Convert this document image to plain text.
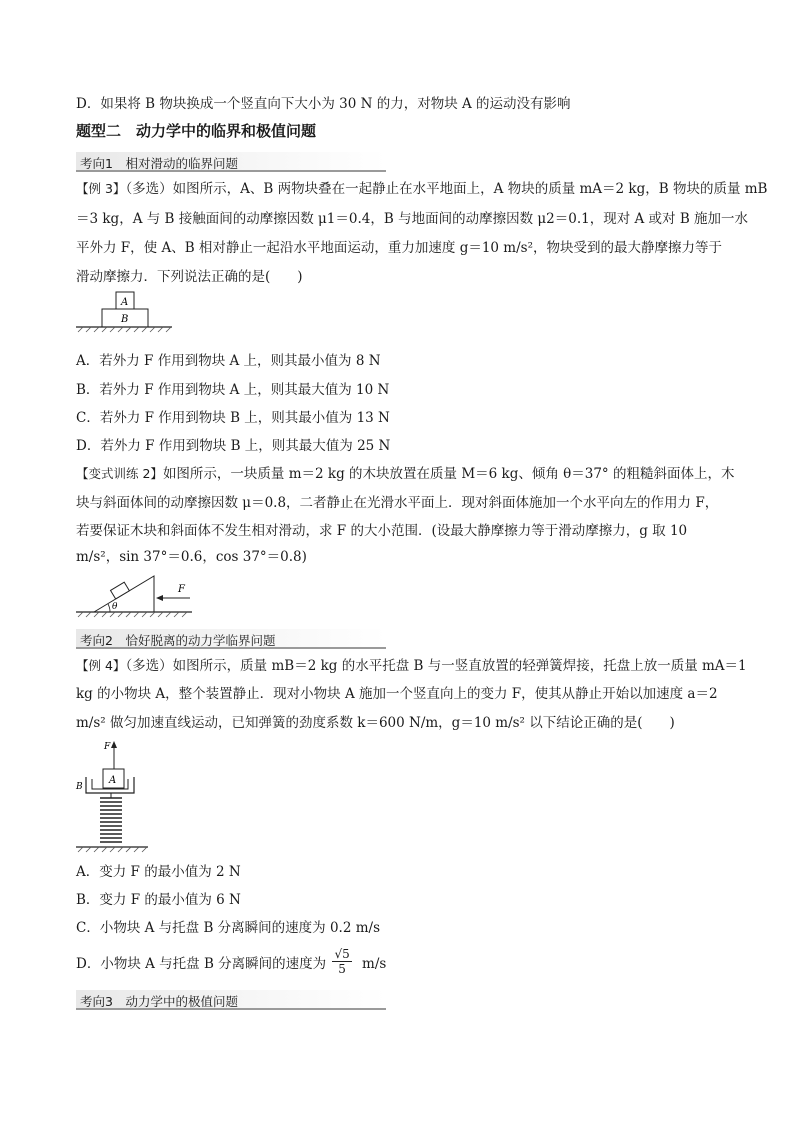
D．如果将 B 物块换成一个竖直向下大小为 30 N 的力，对物块 A 的运动没有影响
题型二　动力学中的临界和极值问题
考向1　相对滑动的临界问题
【例 3】（多选）如图所示，A、B 两物块叠在一起静止在水平地面上，A 物块的质量 mA＝2 kg，B 物块的质量 mB
＝3 kg，A 与 B 接触面间的动摩擦因数 μ1＝0.4，B 与地面间的动摩擦因数 μ2＝0.1，现对 A 或对 B 施加一水
平外力 F，使 A、B 相对静止一起沿水平地面运动，重力加速度 g＝10 m/s²，物块受到的最大静摩擦力等于
滑动摩擦力．下列说法正确的是(　　)
A
B
A．若外力 F 作用到物块 A 上，则其最小值为 8 N
B．若外力 F 作用到物块 A 上，则其最大值为 10 N
C．若外力 F 作用到物块 B 上，则其最小值为 13 N
D．若外力 F 作用到物块 B 上，则其最大值为 25 N
【变式训练 2】如图所示，一块质量 m＝2 kg 的木块放置在质量 M＝6 kg、倾角 θ＝37° 的粗糙斜面体上，木
块与斜面体间的动摩擦因数 μ＝0.8，二者静止在光滑水平面上．现对斜面体施加一个水平向左的作用力 F，
若要保证木块和斜面体不发生相对滑动，求 F 的大小范围．(设最大静摩擦力等于滑动摩擦力，g 取 10
m/s²，sin 37°＝0.6，cos 37°＝0.8)
F
θ
考向2　恰好脱离的动力学临界问题
【例 4】（多选）如图所示，质量 mB＝2 kg 的水平托盘 B 与一竖直放置的轻弹簧焊接，托盘上放一质量 mA＝1
kg 的小物块 A，整个装置静止．现对小物块 A 施加一个竖直向上的变力 F，使其从静止开始以加速度 a＝2
m/s² 做匀加速直线运动，已知弹簧的劲度系数 k＝600 N/m，g＝10 m/s² 以下结论正确的是(　　)
F
A
B
A．变力 F 的最小值为 2 N
B．变力 F 的最小值为 6 N
C．小物块 A 与托盘 B 分离瞬间的速度为 0.2 m/s
D．小物块 A 与托盘 B 分离瞬间的速度为 $\frac{√5}{5} m/s$
考向3　动力学中的极值问题
